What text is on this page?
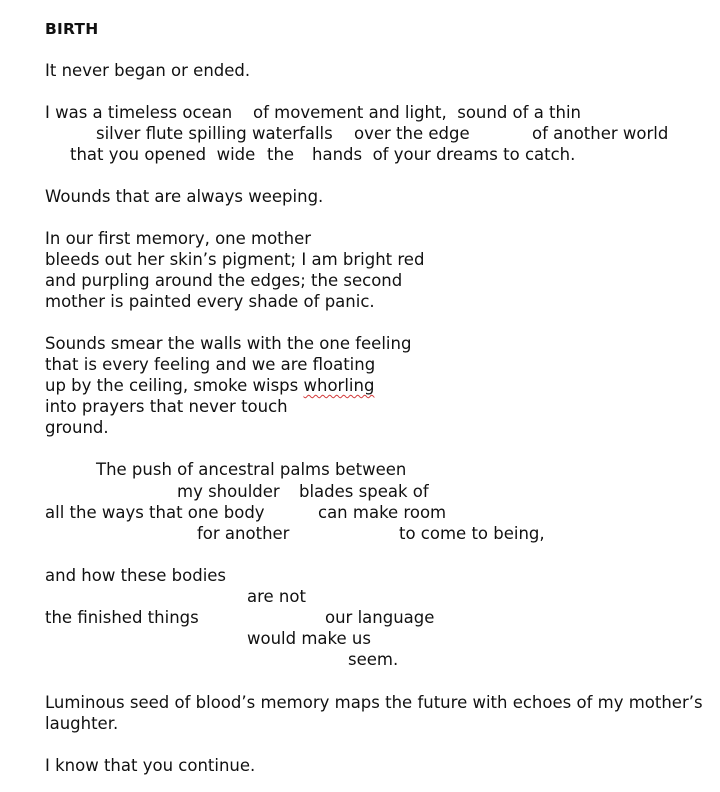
BIRTH
It never began or ended.
I was a timeless ocean of movement and light,  sound of a thin
silver flute spilling waterfalls over the edge	of another world
that you opened  wide the hands  of your dreams to catch.
Wounds that are always weeping.
In our first memory, one mother
bleeds out her skin’s pigment; I am bright red
and purpling around the edges; the second
mother is painted every shade of panic.
Sounds smear the walls with the one feeling
that is every feeling and we are floating
up by the ceiling, smoke wisps whorling
into prayers that never touch
ground.
The push of ancestral palms between
my shoulder blades speak of
all the ways that one body	can make room
for another	to come to being,
and how these bodies
are not
the finished things	our language
would make us
seem.
Luminous seed of blood’s memory maps the future with echoes of my mother’s
laughter.
I know that you continue.
